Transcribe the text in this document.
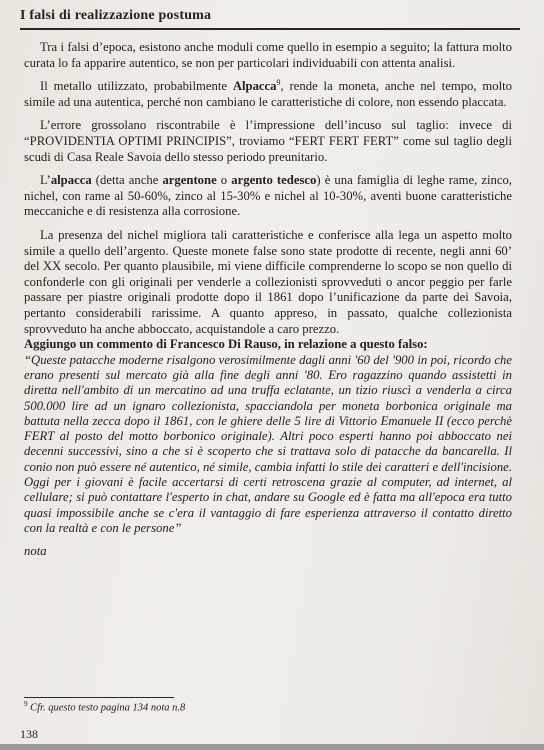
I falsi di realizzazione postuma

Tra i falsi d’epoca, esistono anche moduli come quello in esempio a seguito; la fattura molto curata lo fa apparire autentico, se non per particolari individuabili con attenta analisi.

Il metallo utilizzato, probabilmente Alpacca$^9$, rende la moneta, anche nel tempo, molto simile ad una autentica, perché non cambiano le caratteristiche di colore, non essendo placcata.

L’errore grossolano riscontrabile è l’impressione dell’incuso sul taglio: invece di “PROVIDENTIA OPTIMI PRINCIPIS”, troviamo “FERT FERT FERT” come sul taglio degli scudi di Casa Reale Savoia dello stesso periodo preunitario.

L’alpacca (detta anche argentone o argento tedesco) è una famiglia di leghe rame, zinco, nichel, con rame al 50-60%, zinco al 15-30% e nichel al 10-30%, aventi buone caratteristiche meccaniche e di resistenza alla corrosione.

La presenza del nichel migliora tali caratteristiche e conferisce alla lega un aspetto molto simile a quello dell’argento. Queste monete false sono state prodotte di recente, negli anni 60’ del XX secolo. Per quanto plausibile, mi viene difficile comprenderne lo scopo se non quello di confonderle con gli originali per venderle a collezionisti sprovveduti o ancor peggio per farle passare per piastre originali prodotte dopo il 1861 dopo l’unificazione da parte dei Savoia, pertanto considerabili rarissime. A quanto appreso, in passato, qualche collezionista sprovveduto ha anche abboccato, acquistandole a caro prezzo.

Aggiungo un commento di Francesco Di Rauso, in relazione a questo falso:

“Queste patacche moderne risalgono verosimilmente dagli anni '60 del '900 in poi, ricordo che erano presenti sul mercato già alla fine degli anni '80. Ero ragazzino quando assistetti in diretta nell'ambito di un mercatino ad una truffa eclatante, un tizio riuscì a venderla a circa 500.000 lire ad un ignaro collezionista, spacciandola per moneta borbonica originale ma battuta nella zecca dopo il 1861, con le ghiere delle 5 lire di Vittorio Emanuele II (ecco perchè FERT al posto del motto borbonico originale). Altri poco esperti hanno poi abboccato nei decenni successivi, sino a che si è scoperto che si trattava solo di patacche da bancarella. Il conio non può essere né autentico, né simile, cambia infatti lo stile dei caratteri e dell'incisione. Oggi per i giovani è facile accertarsi di certi retroscena grazie al computer, ad internet, al cellulare; si può contattare l'esperto in chat, andare su Google ed è fatta ma all'epoca era tutto quasi impossibile anche se c'era il vantaggio di fare esperienza attraverso il contatto diretto con la realtà e con le persone”

nota

$^9$ Cfr. questo testo pagina 134 nota n.8
138
